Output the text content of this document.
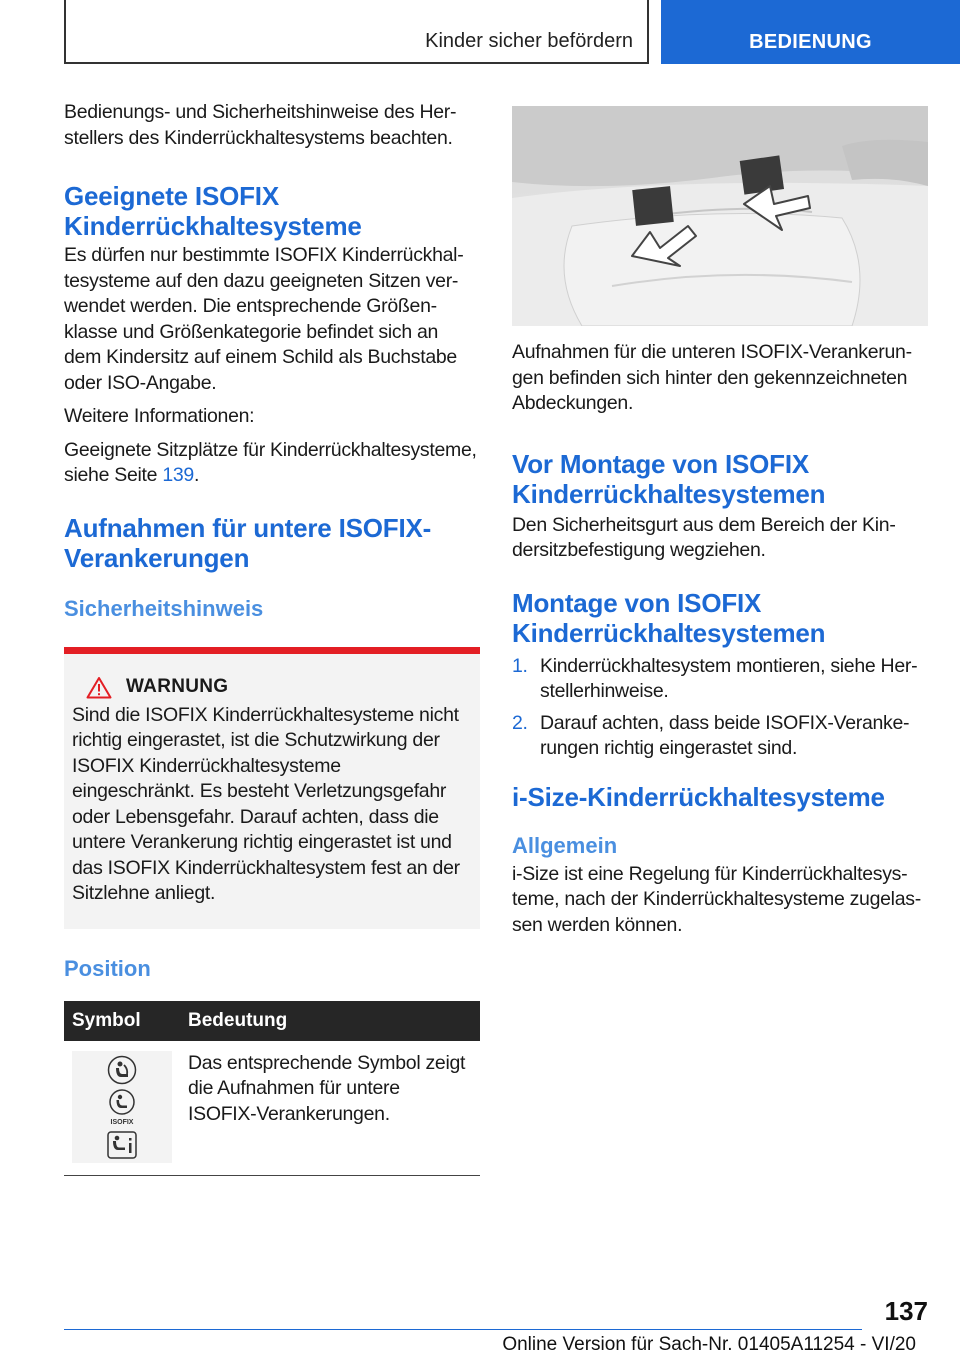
Kinder sicher befördern	BEDIENUNG

Bedienungs- und Sicherheitshinweise des Herstellers des Kinderrückhaltesystems beachten.

Geeignete ISOFIX Kinderrückhaltesysteme

Es dürfen nur bestimmte ISOFIX Kinderrückhaltesysteme auf den dazu geeigneten Sitzen verwendet werden. Die entsprechende Größenklasse und Größenkategorie befindet sich an dem Kindersitz auf einem Schild als Buchstabe oder ISO-Angabe.

Weitere Informationen:

Geeignete Sitzplätze für Kinderrückhaltesysteme, siehe Seite 139.

Aufnahmen für untere ISOFIX-Verankerungen
Sicherheitshinweis
WARNUNG

Sind die ISOFIX Kinderrückhaltesysteme nicht richtig eingerastet, ist die Schutzwirkung der ISOFIX Kinderrückhaltesysteme eingeschränkt. Es besteht Verletzungsgefahr oder Lebensgefahr. Darauf achten, dass die untere Verankerung richtig eingerastet ist und das ISOFIX Kinderrückhaltesystem fest an der Sitzlehne anliegt.

Position
Symbol	Bedeutung

ISOFIX	Das entsprechende Symbol zeigt die Aufnahmen für untere ISOFIX-Verankerungen.

Aufnahmen für die unteren ISOFIX-Verankerungen befinden sich hinter den gekennzeichneten Abdeckungen.

Vor Montage von ISOFIX Kinderrückhaltesystemen

Den Sicherheitsgurt aus dem Bereich der Kindersitzbefestigung wegziehen.

Montage von ISOFIX Kinderrückhaltesystemen
1. Kinderrückhaltesystem montieren, siehe Herstellerhinweise.
2. Darauf achten, dass beide ISOFIX-Verankerungen richtig eingerastet sind.
i-Size-Kinderrückhaltesysteme
Allgemein

i-Size ist eine Regelung für Kinderrückhaltesysteme, nach der Kinderrückhaltesysteme zugelassen werden können.

137
Online Version für Sach-Nr. 01405A11254 - VI/20
